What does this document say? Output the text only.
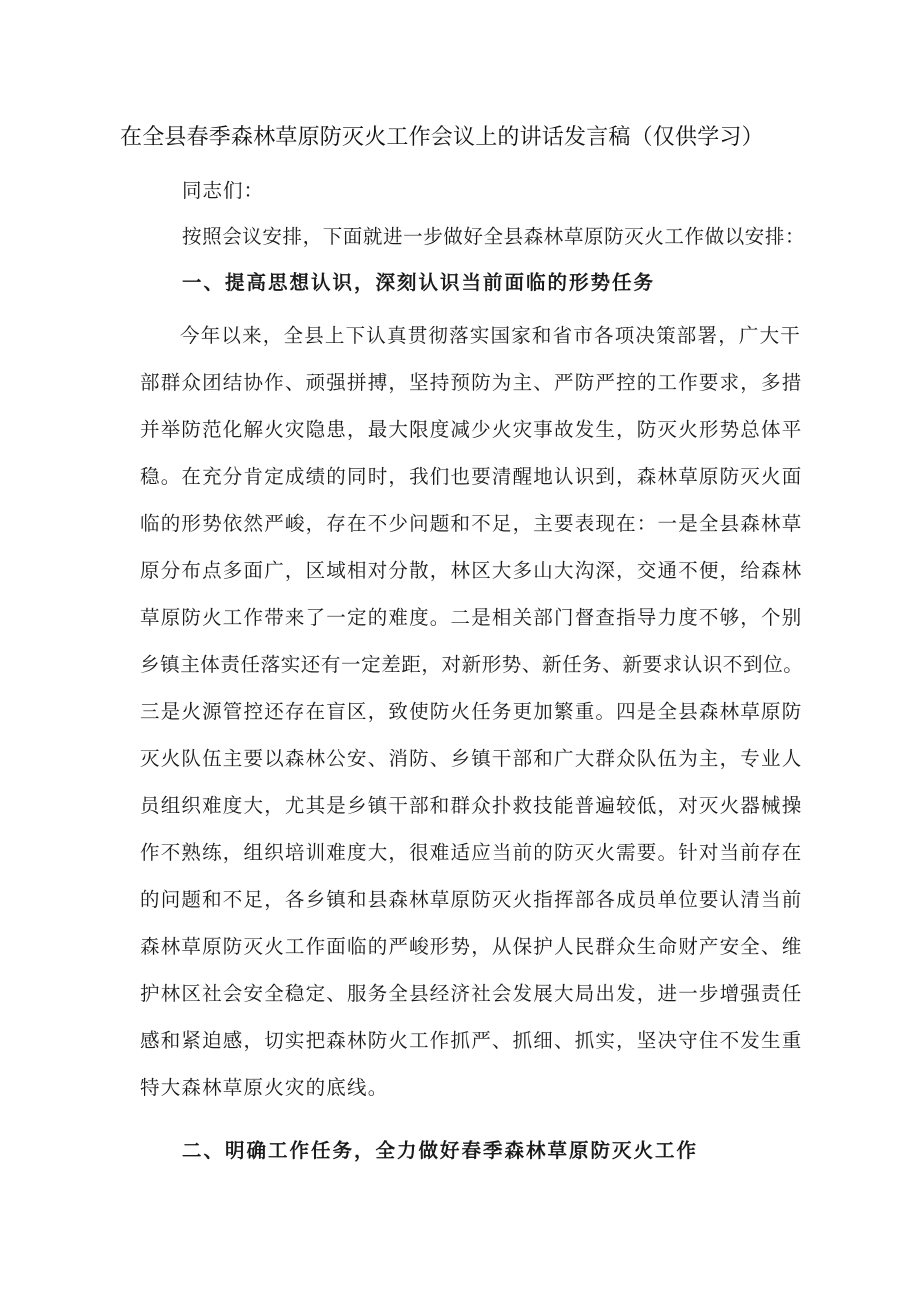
在全县春季森林草原防灭火工作会议上的讲话发言稿（仅供学习）
同志们：
按照会议安排，下面就进一步做好全县森林草原防灭火工作做以安排：
一、提高思想认识，深刻认识当前面临的形势任务
今年以来，全县上下认真贯彻落实国家和省市各项决策部署，广大干
部群众团结协作、顽强拼搏，坚持预防为主、严防严控的工作要求，多措
并举防范化解火灾隐患，最大限度减少火灾事故发生，防灭火形势总体平
稳。在充分肯定成绩的同时，我们也要清醒地认识到，森林草原防灭火面
临的形势依然严峻，存在不少问题和不足，主要表现在：一是全县森林草
原分布点多面广，区域相对分散，林区大多山大沟深，交通不便，给森林
草原防火工作带来了一定的难度。二是相关部门督查指导力度不够，个别
乡镇主体责任落实还有一定差距，对新形势、新任务、新要求认识不到位。
三是火源管控还存在盲区，致使防火任务更加繁重。四是全县森林草原防
灭火队伍主要以森林公安、消防、乡镇干部和广大群众队伍为主，专业人
员组织难度大，尤其是乡镇干部和群众扑救技能普遍较低，对灭火器械操
作不熟练，组织培训难度大，很难适应当前的防灭火需要。针对当前存在
的问题和不足，各乡镇和县森林草原防灭火指挥部各成员单位要认清当前
森林草原防灭火工作面临的严峻形势，从保护人民群众生命财产安全、维
护林区社会安全稳定、服务全县经济社会发展大局出发，进一步增强责任
感和紧迫感，切实把森林防火工作抓严、抓细、抓实，坚决守住不发生重
特大森林草原火灾的底线。
二、明确工作任务，全力做好春季森林草原防灭火工作
